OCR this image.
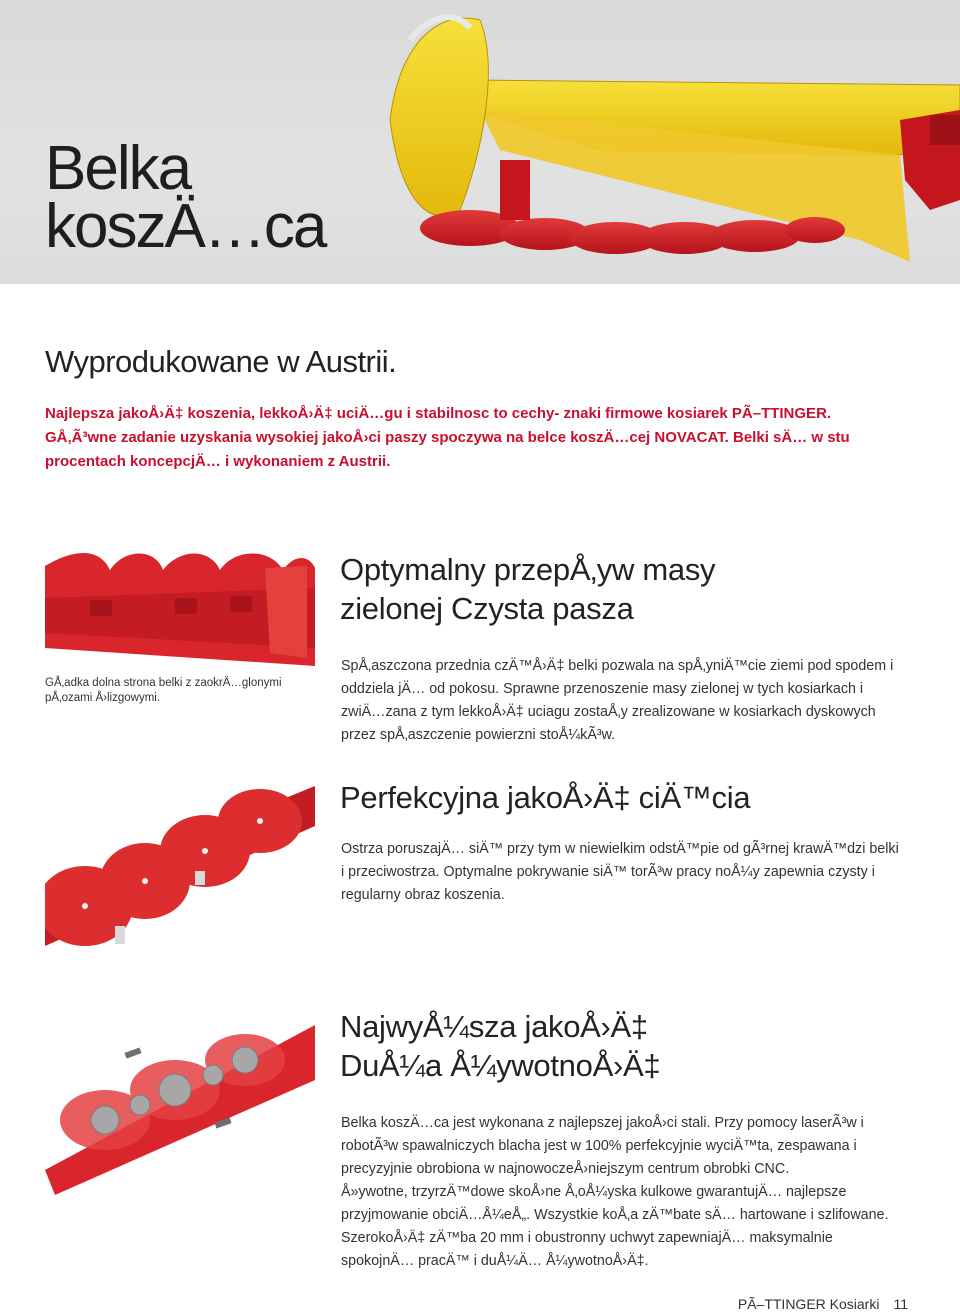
Belka
koszÄ…ca
Wyprodukowane w Austrii.

Najlepsza jakoÅ›Ä‡ koszenia, lekkoÅ›Ä‡ uciÄ…gu i stabilnosc to cechy- znaki firmowe kosiarek PÃ–TTINGER. GÅ‚Ã³wne zadanie uzyskania wysokiej jakoÅ›ci paszy spoczywa na belce koszÄ…cej NOVACAT. Belki sÄ… w stu procentach koncepcjÄ… i wykonaniem z Austrii.

Optymalny przepÅ‚yw masy
zielonej Czysta pasza

GÅ‚adka dolna strona belki z zaokrÄ…glonymi pÅ‚ozami Å›lizgowymi.

SpÅ‚aszczona przednia czÄ™Å›Ä‡ belki pozwala na spÅ‚yniÄ™cie ziemi pod spodem i oddziela jÄ… od pokosu. Sprawne przenoszenie masy zielonej w tych kosiarkach i zwiÄ…zana z tym lekkoÅ›Ä‡ uciagu zostaÅ‚y zrealizowane w kosiarkach dyskowych przez spÅ‚aszczenie powierzni stoÅ¼kÃ³w.

Perfekcyjna jakoÅ›Ä‡ ciÄ™cia

Ostrza poruszajÄ… siÄ™ przy tym w niewielkim odstÄ™pie od gÃ³rnej krawÄ™dzi belki i przeciwostrza. Optymalne pokrywanie siÄ™ torÃ³w pracy noÅ¼y zapewnia czysty i regularny obraz koszenia.

NajwyÅ¼sza jakoÅ›Ä‡
DuÅ¼a Å¼ywotnoÅ›Ä‡
Belka koszÄ…ca jest wykonana z najlepszej jakoÅ›ci stali. Przy pomocy laserÃ³w i robotÃ³w spawalniczych blacha jest w 100% perfekcyjnie wyciÄ™ta, zespawana i precyzyjnie obrobiona w najnowoczeÅ›niejszym centrum obrobki CNC.
Å»ywotne, trzyrzÄ™dowe skoÅ›ne Å‚oÅ¼yska kulkowe gwarantujÄ… najlepsze przyjmowanie obciÄ…Å¼eÅ„. Wszystkie koÅ‚a zÄ™bate sÄ… hartowane i szlifowane. SzerokoÅ›Ä‡ zÄ™ba 20 mm i obustronny uchwyt zapewniajÄ… maksymalnie spokojnÄ… pracÄ™ i duÅ¼Ä… Å¼ywotnoÅ›Ä‡.
PÃ–TTINGER Kosiarki 11
